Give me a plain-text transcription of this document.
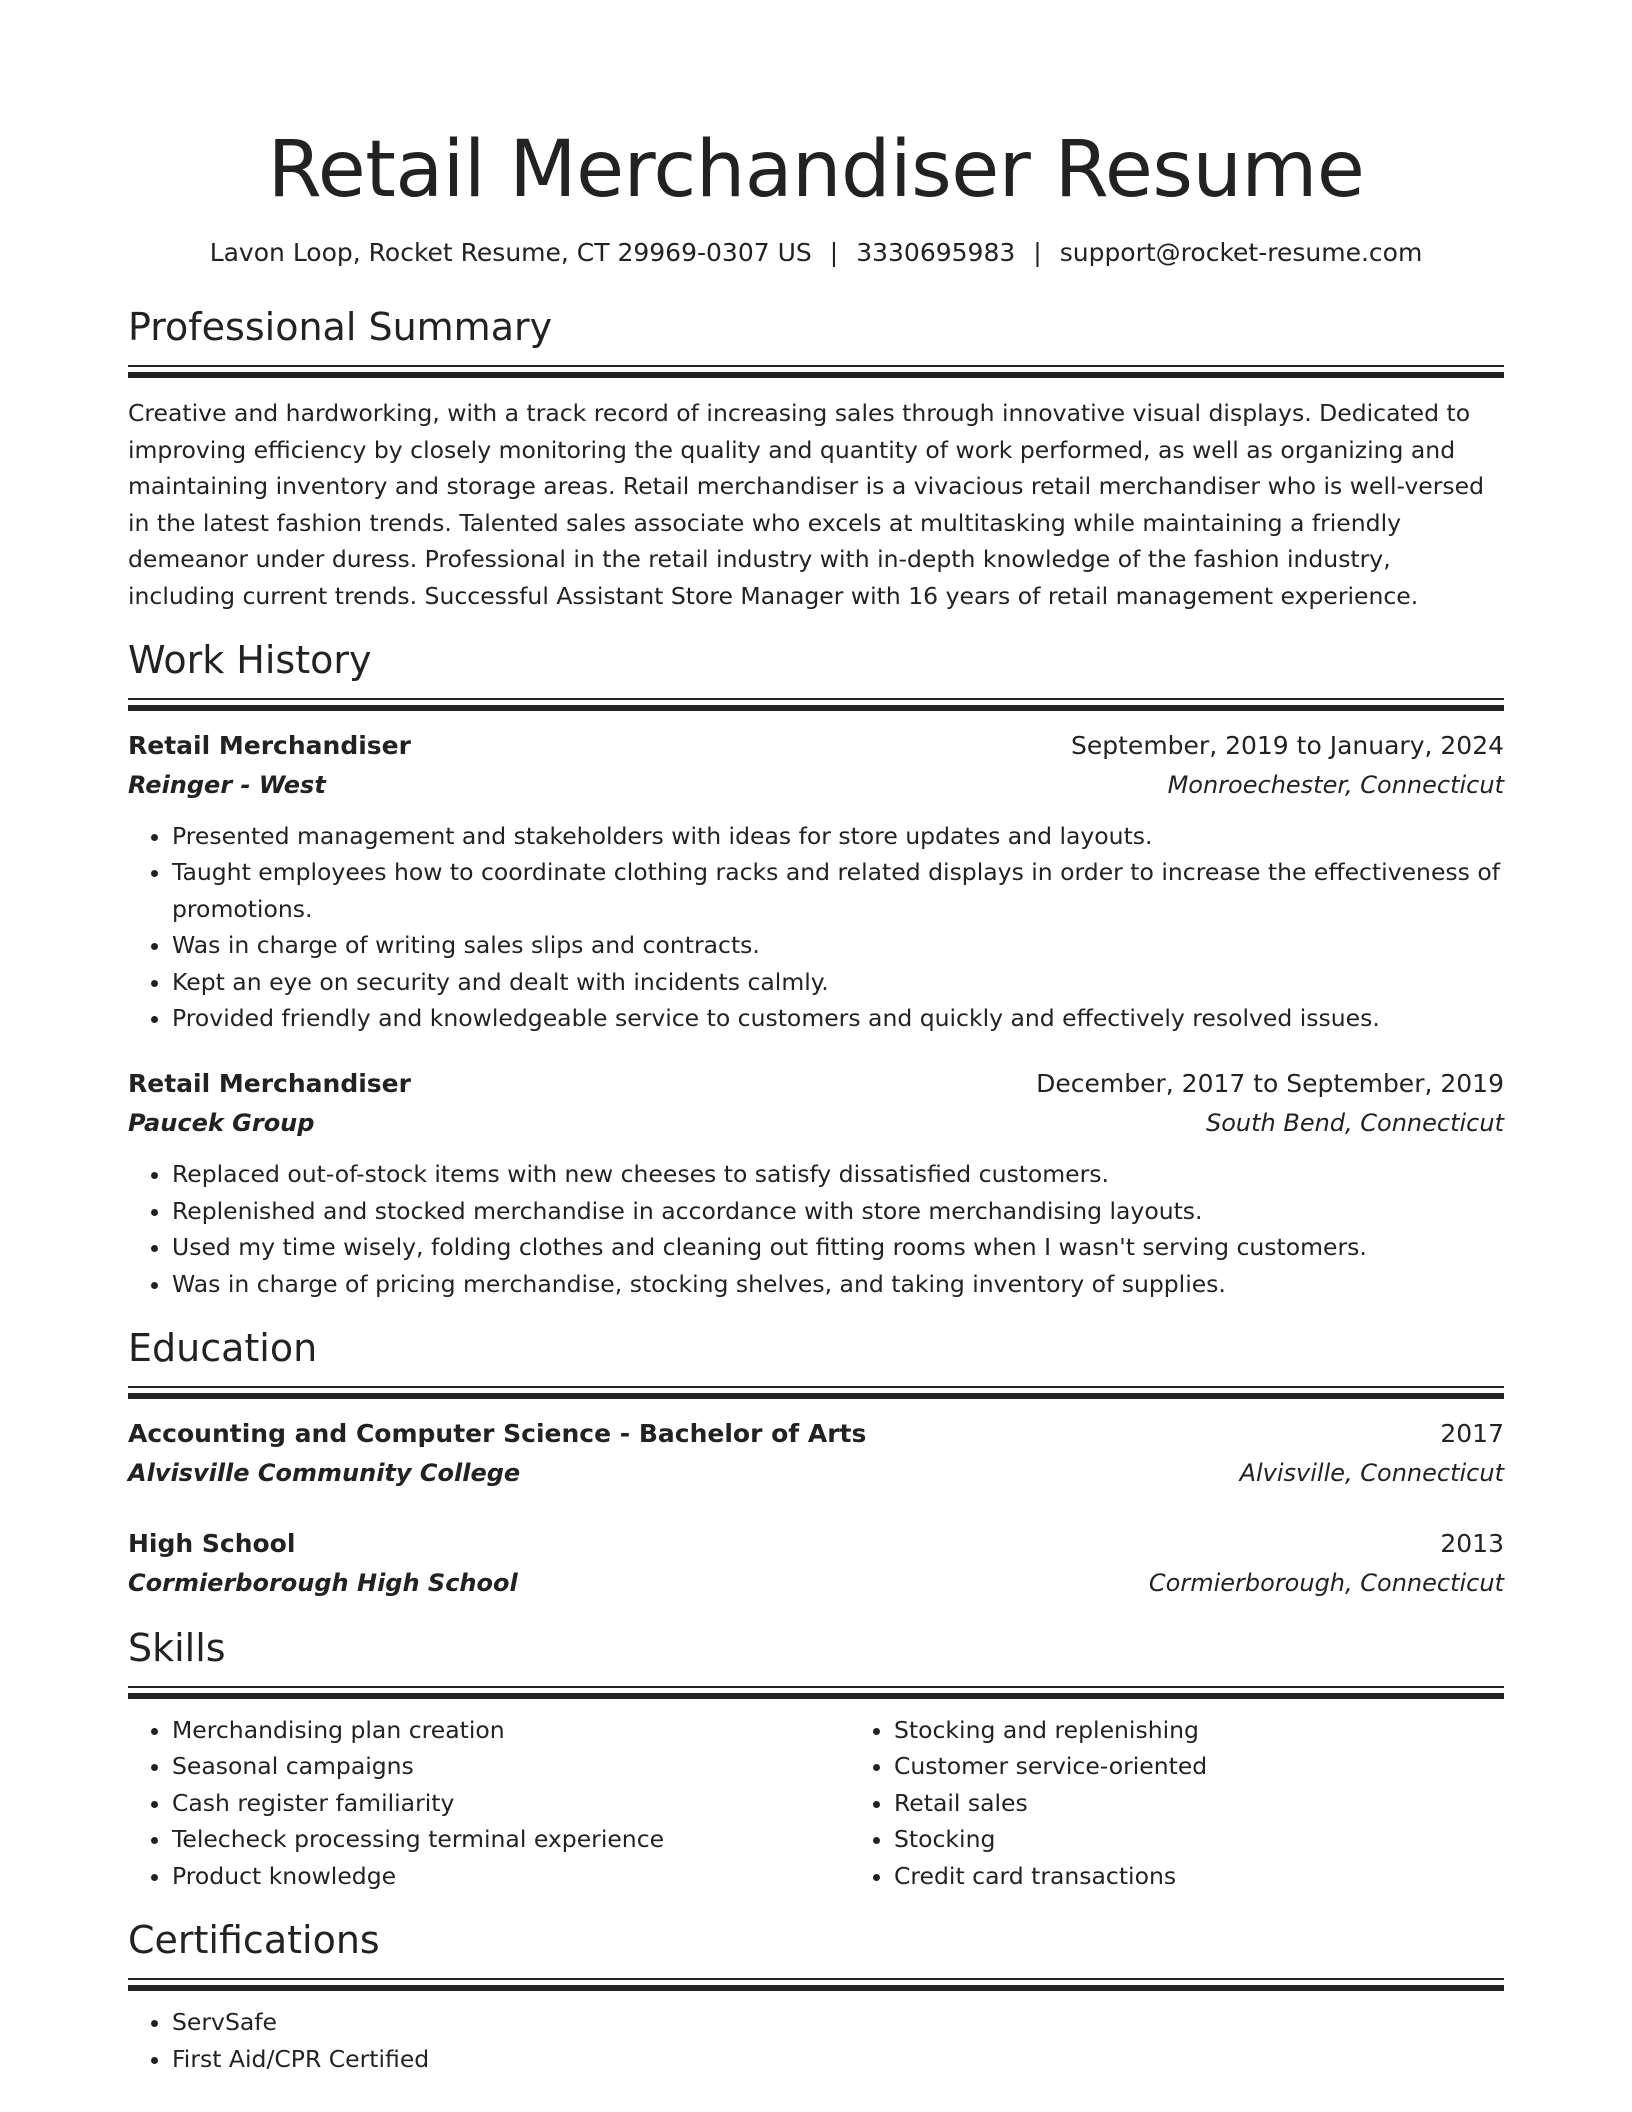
Retail Merchandiser Resume
Lavon Loop, Rocket Resume, CT 29969-0307 US | 3330695983 | support@rocket-resume.com
Professional Summary

Creative and hardworking, with a track record of increasing sales through innovative visual displays. Dedicated to improving efficiency by closely monitoring the quality and quantity of work performed, as well as organizing and maintaining inventory and storage areas. Retail merchandiser is a vivacious retail merchandiser who is well-versed in the latest fashion trends. Talented sales associate who excels at multitasking while maintaining a friendly demeanor under duress. Professional in the retail industry with in-depth knowledge of the fashion industry, including current trends. Successful Assistant Store Manager with 16 years of retail management experience.

Work History
Retail Merchandiser	September, 2019 to January, 2024
Reinger - West	Monroechester, Connecticut
• Presented management and stakeholders with ideas for store updates and layouts.
• Taught employees how to coordinate clothing racks and related displays in order to increase the effectiveness of promotions.
• Was in charge of writing sales slips and contracts.
• Kept an eye on security and dealt with incidents calmly.
• Provided friendly and knowledgeable service to customers and quickly and effectively resolved issues.
Retail Merchandiser	December, 2017 to September, 2019
Paucek Group	South Bend, Connecticut
• Replaced out-of-stock items with new cheeses to satisfy dissatisfied customers.
• Replenished and stocked merchandise in accordance with store merchandising layouts.
• Used my time wisely, folding clothes and cleaning out fitting rooms when I wasn't serving customers.
• Was in charge of pricing merchandise, stocking shelves, and taking inventory of supplies.
Education
Accounting and Computer Science - Bachelor of Arts	2017
Alvisville Community College	Alvisville, Connecticut
High School	2013
Cormierborough High School	Cormierborough, Connecticut
Skills
• Merchandising plan creation
• Seasonal campaigns
• Cash register familiarity
• Telecheck processing terminal experience
• Product knowledge
• Stocking and replenishing
• Customer service-oriented
• Retail sales
• Stocking
• Credit card transactions
Certifications
• ServSafe
• First Aid/CPR Certified
